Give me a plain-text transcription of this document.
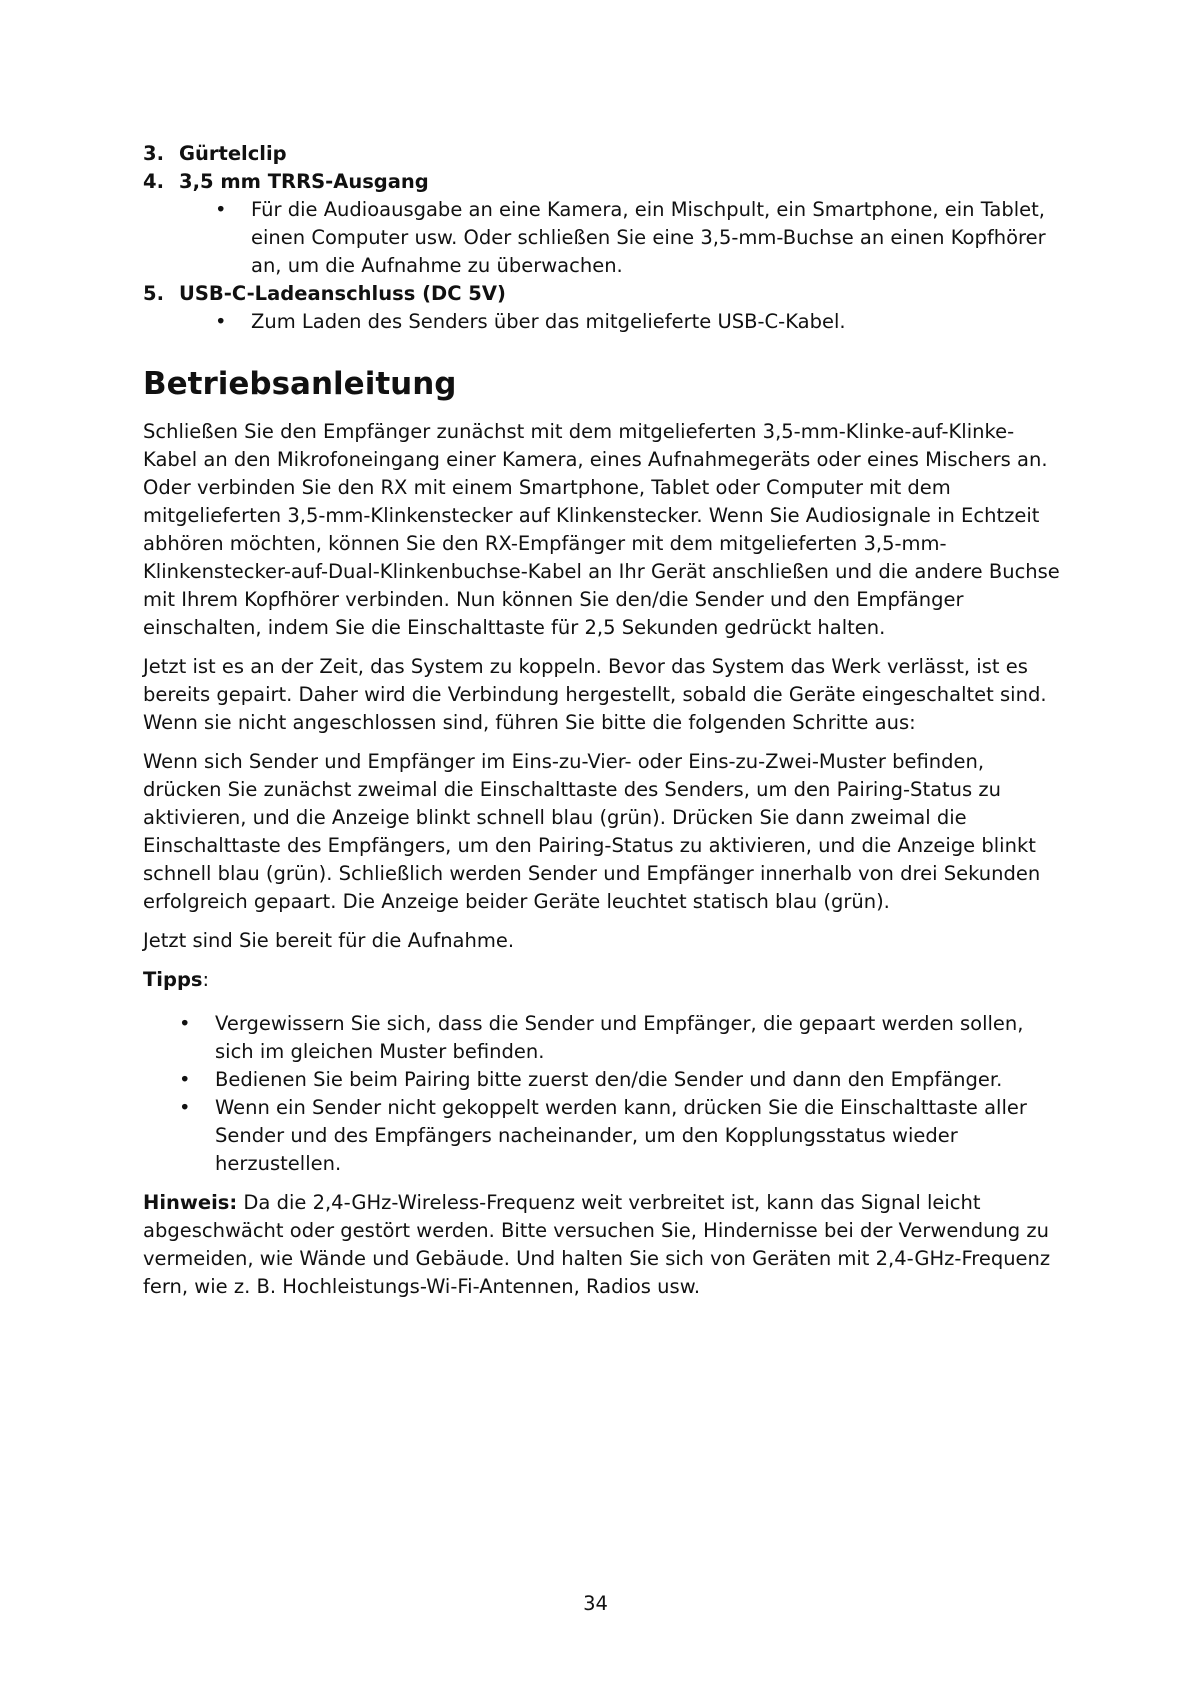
3. Gürtelclip
4. 3,5 mm TRRS-Ausgang
• Für die Audioausgabe an eine Kamera, ein Mischpult, ein Smartphone, ein Tablet, einen Computer usw. Oder schließen Sie eine 3,5-mm-Buchse an einen Kopfhörer an, um die Aufnahme zu überwachen.
5. USB-C-Ladeanschluss (DC 5V)
• Zum Laden des Senders über das mitgelieferte USB-C-Kabel.
Betriebsanleitung

Schließen Sie den Empfänger zunächst mit dem mitgelieferten 3,5-mm-Klinke-auf-Klinke-Kabel an den Mikrofoneingang einer Kamera, eines Aufnahmegeräts oder eines Mischers an. Oder verbinden Sie den RX mit einem Smartphone, Tablet oder Computer mit dem mitgelieferten 3,5-mm-Klinkenstecker auf Klinkenstecker. Wenn Sie Audiosignale in Echtzeit abhören möchten, können Sie den RX-Empfänger mit dem mitgelieferten 3,5-mm-Klinkenstecker-auf-Dual-Klinkenbuchse-Kabel an Ihr Gerät anschließen und die andere Buchse mit Ihrem Kopfhörer verbinden. Nun können Sie den/die Sender und den Empfänger einschalten, indem Sie die Einschalttaste für 2,5 Sekunden gedrückt halten.

Jetzt ist es an der Zeit, das System zu koppeln. Bevor das System das Werk verlässt, ist es bereits gepairt. Daher wird die Verbindung hergestellt, sobald die Geräte eingeschaltet sind. Wenn sie nicht angeschlossen sind, führen Sie bitte die folgenden Schritte aus:

Wenn sich Sender und Empfänger im Eins-zu-Vier- oder Eins-zu-Zwei-Muster befinden, drücken Sie zunächst zweimal die Einschalttaste des Senders, um den Pairing-Status zu aktivieren, und die Anzeige blinkt schnell blau (grün). Drücken Sie dann zweimal die Einschalttaste des Empfängers, um den Pairing-Status zu aktivieren, und die Anzeige blinkt schnell blau (grün). Schließlich werden Sender und Empfänger innerhalb von drei Sekunden erfolgreich gepaart. Die Anzeige beider Geräte leuchtet statisch blau (grün).

Jetzt sind Sie bereit für die Aufnahme.

Tipps:

• Vergewissern Sie sich, dass die Sender und Empfänger, die gepaart werden sollen, sich im gleichen Muster befinden.
• Bedienen Sie beim Pairing bitte zuerst den/die Sender und dann den Empfänger.
• Wenn ein Sender nicht gekoppelt werden kann, drücken Sie die Einschalttaste aller Sender und des Empfängers nacheinander, um den Kopplungsstatus wieder herzustellen.

Hinweis: Da die 2,4-GHz-Wireless-Frequenz weit verbreitet ist, kann das Signal leicht abgeschwächt oder gestört werden. Bitte versuchen Sie, Hindernisse bei der Verwendung zu vermeiden, wie Wände und Gebäude. Und halten Sie sich von Geräten mit 2,4-GHz-Frequenz fern, wie z. B. Hochleistungs-Wi-Fi-Antennen, Radios usw.

34
